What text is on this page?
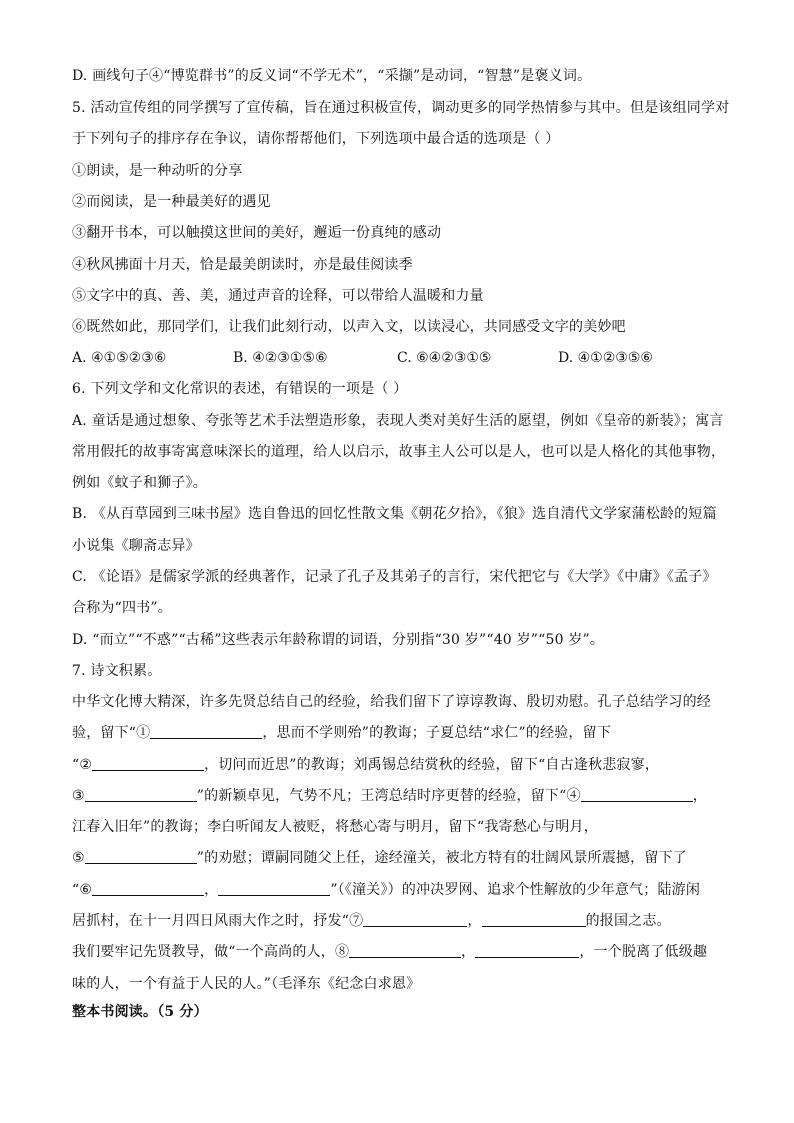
D. 画线句子④“博览群书”的反义词“不学无术”，“采撷”是动词，“智慧”是褒义词。
5. 活动宣传组的同学撰写了宣传稿，旨在通过积极宣传，调动更多的同学热情参与其中。但是该组同学对
于下列句子的排序存在争议，请你帮帮他们，下列选项中最合适的选项是（ ）
①朗读，是一种动听的分享
②而阅读，是一种最美好的遇见
③翻开书本，可以触摸这世间的美好，邂逅一份真纯的感动
④秋风拂面十月天，恰是最美朗读时，亦是最佳阅读季
⑤文字中的真、善、美，通过声音的诠释，可以带给人温暖和力量
⑥既然如此，那同学们，让我们此刻行动，以声入文，以读浸心，共同感受文字的美妙吧
A. ④①⑤②③⑥	B. ④②③①⑤⑥	C. ⑥④②③①⑤	D. ④①②③⑤⑥
6. 下列文学和文化常识的表述，有错误的一项是（ ）
A. 童话是通过想象、夸张等艺术手法塑造形象，表现人类对美好生活的愿望，例如《皇帝的新装》；寓言
常用假托的故事寄寓意味深长的道理，给人以启示，故事主人公可以是人，也可以是人格化的其他事物，
例如《蚊子和狮子》。
B. 《从百草园到三味书屋》选自鲁迅的回忆性散文集《朝花夕拾》，《狼》选自清代文学家蒲松龄的短篇
小说集《聊斋志异》
C. 《论语》是儒家学派的经典著作，记录了孔子及其弟子的言行，宋代把它与《大学》《中庸》《孟子》
合称为“四书”。
D. “而立”“不惑”“古稀”这些表示年龄称谓的词语，分别指“30 岁”“40 岁”“50 岁”。
7. 诗文积累。
中华文化博大精深，许多先贤总结自己的经验，给我们留下了谆谆教诲、殷切劝慰。孔子总结学习的经
验，留下“①	，思而不学则殆”的教诲；子夏总结“求仁”的经验，留下
“②	，切问而近思”的教诲；刘禹锡总结赏秋的经验，留下“自古逢秋悲寂寥，
③	”的新颖卓见，气势不凡；王湾总结时序更替的经验，留下“④	，
江春入旧年”的教诲；李白听闻友人被贬，将愁心寄与明月，留下“我寄愁心与明月，
⑤	”的劝慰；谭嗣同随父上任，途经潼关，被北方特有的壮阔风景所震撼，留下了
“⑥	，	”（《潼关》）的冲决罗网、追求个性解放的少年意气；陆游闲
居抓村，在十一月四日风雨大作之时，抒发“⑦	，	的报国之志。
我们要牢记先贤教导，做“一个高尚的人，⑧	，	，一个脱离了低级趣
味的人，一个有益于人民的人。”（毛泽东《纪念白求恩》
整本书阅读。（5 分）
